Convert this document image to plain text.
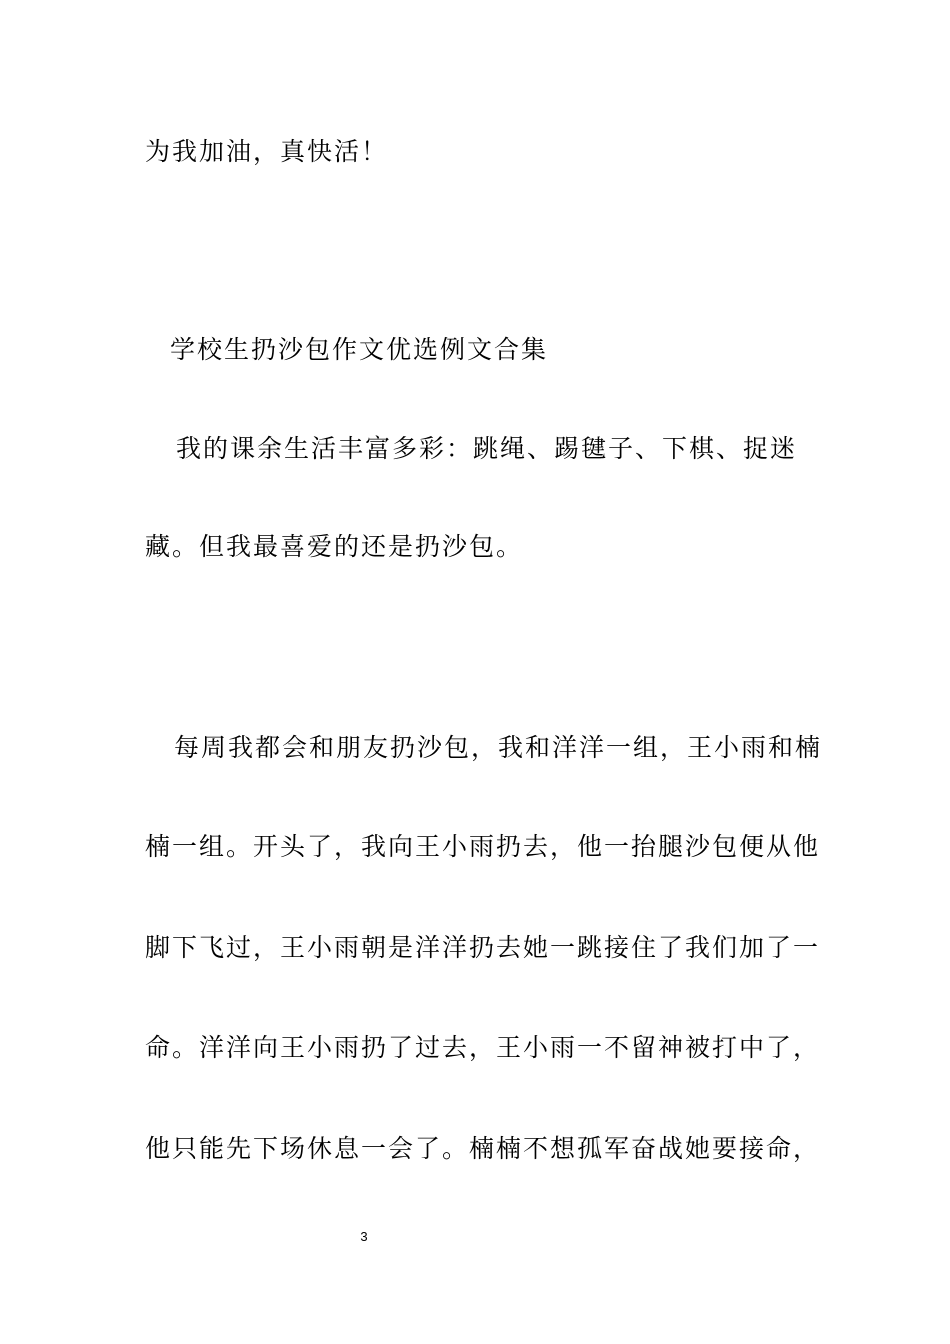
为我加油，真快活！
学校生扔沙包作文优选例文合集
我的课余生活丰富多彩：跳绳、踢毽子、下棋、捉迷
藏。但我最喜爱的还是扔沙包。
每周我都会和朋友扔沙包，我和洋洋一组，王小雨和楠
楠一组。开头了，我向王小雨扔去，他一抬腿沙包便从他
脚下飞过，王小雨朝是洋洋扔去她一跳接住了我们加了一
命。洋洋向王小雨扔了过去，王小雨一不留神被打中了，
他只能先下场休息一会了。楠楠不想孤军奋战她要接命，
3
